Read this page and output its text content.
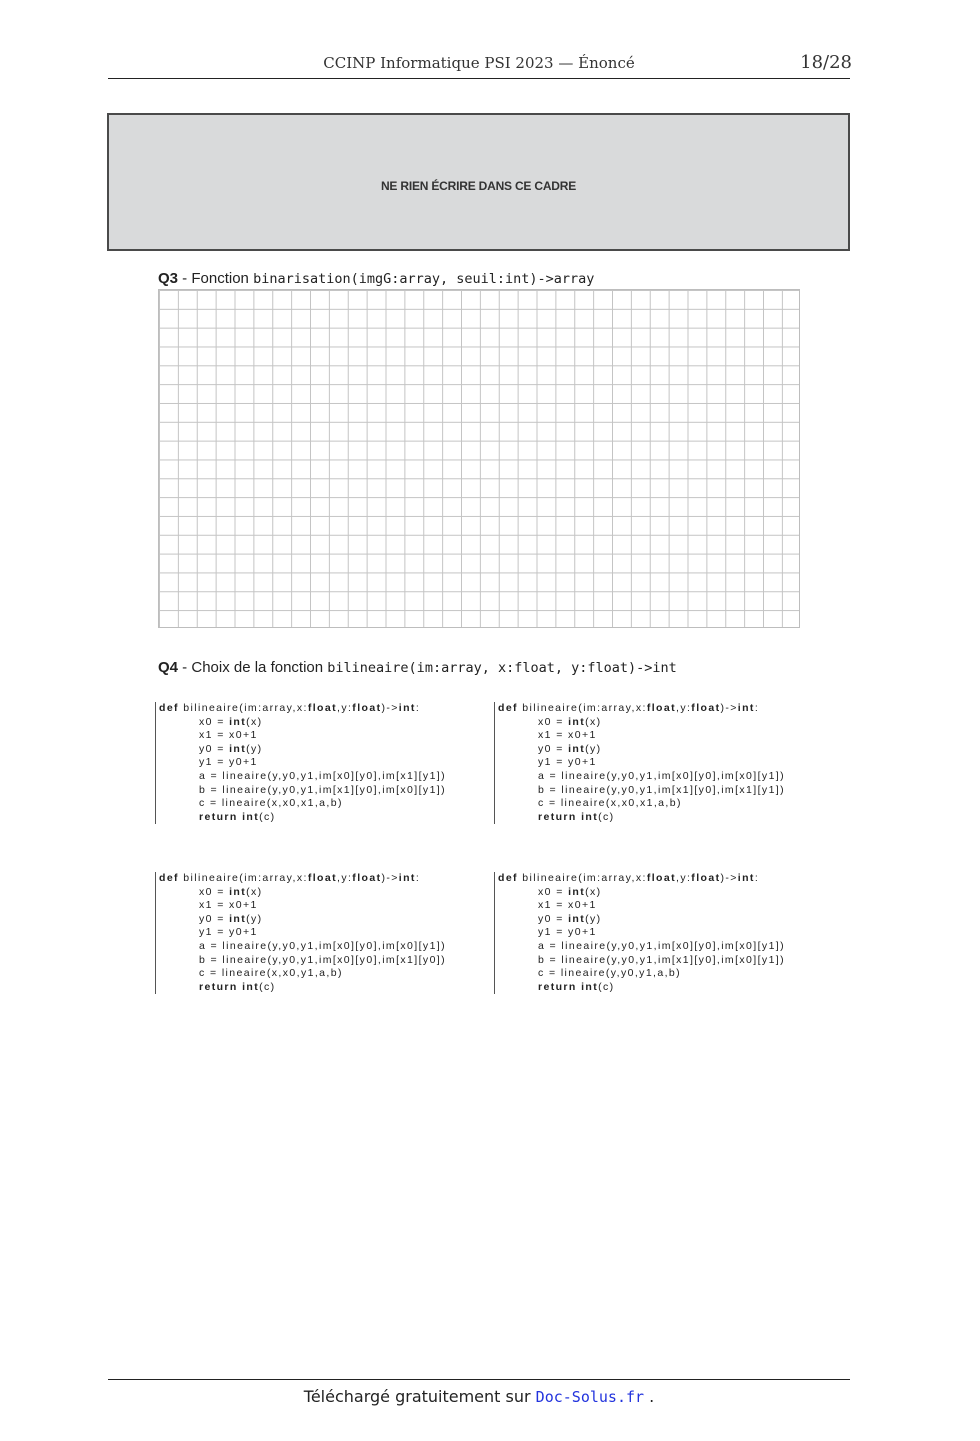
CCINP Informatique PSI 2023 — Énoncé	18/28
NE RIEN ÉCRIRE DANS CE CADRE
Q3 - Fonction binarisation(imgG:array, seuil:int)->array
Q4 - Choix de la fonction bilineaire(im:array, x:float, y:float)->int
def bilineaire(im:array,x:float,y:float)->int:
x0 = int(x)
x1 = x0+1
y0 = int(y)
y1 = y0+1
a = lineaire(y,y0,y1,im[x0][y0],im[x1][y1])
b = lineaire(y,y0,y1,im[x1][y0],im[x0][y1])
c = lineaire(x,x0,x1,a,b)
return int(c)
def bilineaire(im:array,x:float,y:float)->int:
x0 = int(x)
x1 = x0+1
y0 = int(y)
y1 = y0+1
a = lineaire(y,y0,y1,im[x0][y0],im[x0][y1])
b = lineaire(y,y0,y1,im[x1][y0],im[x1][y1])
c = lineaire(x,x0,x1,a,b)
return int(c)
def bilineaire(im:array,x:float,y:float)->int:
x0 = int(x)
x1 = x0+1
y0 = int(y)
y1 = y0+1
a = lineaire(y,y0,y1,im[x0][y0],im[x0][y1])
b = lineaire(y,y0,y1,im[x0][y0],im[x1][y0])
c = lineaire(x,x0,y1,a,b)
return int(c)
def bilineaire(im:array,x:float,y:float)->int:
x0 = int(x)
x1 = x0+1
y0 = int(y)
y1 = y0+1
a = lineaire(y,y0,y1,im[x0][y0],im[x0][y1])
b = lineaire(y,y0,y1,im[x1][y0],im[x0][y1])
c = lineaire(y,y0,y1,a,b)
return int(c)
Téléchargé gratuitement sur Doc-Solus.fr .
